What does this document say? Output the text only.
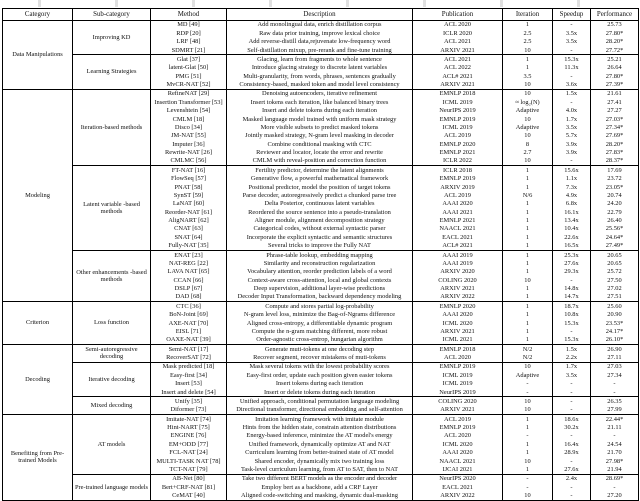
Category	Sub-category	Method	Description	Publication	Iteration	Speedup	Performance
Data Manipulations	Improving KD	MD [49]	Add monolingual data, enrich distillation corpus	ACL 2020	1	-	25.73
		RDP [20]	Raw data prior training, improve lexical choice	ICLR 2020	2.5	3.5x	27.80*
		LRF [48]	Add reverse-distill data,rejuvenate low-frequency word	ACL 2021	2.5	3.5x	28.20*
		SDMRT [21]	Self-distillation mixup, pre-rerank and fine-tune training	ARXIV 2021	10	-	27.72*
	Learning Strategies	Glat [37]	Glacing, learn from fragments to whole sentence	ACL 2021	1	15.3x	25.21
		latent-Glat [50]	Introduce glacing strategy to discrete latent variables	ACL 2022	1	11.3x	26.64
		PMG [51]	Multi-granularity, from words, phrases, sentences gradually	ACL# 2021	3.5	-	27.80*
		MvCR-NAT [52]	Consistency-based, masked token and model level consistency	ARXIV 2021	10	3.6x	27.39*
Modeling	Iteration-based methods	RefineNAT [29]	Denoising autoencoders, iterative refinement	EMNLP 2018	10	1.5x	21.61
		Insertion Transformer [53]	Insert tokens each iteration, like balanced binary trees	ICML 2019	≈ log₂(N)	-	27.41
		Levenshtein [54]	Insert and delete tokens during each iteration	NeurIPS 2019	Adaptive	4.0x	27.27
		CMLM [18]	Masked language model trained with uniform mask strategy	EMNLP 2019	10	1.7x	27.03*
		Disco [34]	More visible subsets to predict masked tokens	ICML 2019	Adaptive	3.5x	27.34*
		JM-NAT [55]	Jointly masked strategy, N-gram level masking in decoder	ACL 2019	10	5.7x	27.69*
		Imputer [36]	Combine conditional masking with CTC	EMNLP 2020	8	3.9x	28.20*
		Rewrite-NAT [26]	Reviewer and locator, locate the error and rewrite	EMNLP 2021	2.7	3.9x	27.83*
		CMLMC [56]	CMLM with reveal-position and correction function	ICLR 2022	10	-	28.37*
	Latent variable -based methods	FT-NAT [16]	Fertility predictor, determine the latent alignments	ICLR 2018	1	15.6x	17.69
		FlowSeq [57]	Generative flow, a powerful mathematical framework	EMNLP 2019	1	1.1x	23.72
		PNAT [58]	Positional predictor, model the position of target tokens	ARXIV 2019	1	7.3x	23.05*
		SynST [59]	Parse decoder, autoregressively predict a chunked parse tree	ACL 2019	N/6	4.9x	20.74
		LaNAT [60]	Delta Posterior, continuous latent variables	AAAI 2020	1	6.8x	24.20
		Reorder-NAT [61]	Reordered the source sentence into a pseudo-translation	AAAI 2021	1	16.1x	22.79
		AligNART [62]	Aligner module, alignment decomposition strategy	EMNLP 2021	1	13.4x	26.40
		CNAT [63]	Categorical codes, without external syntactic parser	NAACL 2021	1	10.4x	25.56*
		SNAT [64]	Incorporate the explicit syntactic and semantic structures	EACL 2021	1	22.6x	24.64*
		Fully-NAT [35]	Several tricks to improve the Fully NAT	ACL# 2021	1	16.5x	27.49*
	Other enhancements -based methods	ENAT [23]	Phrase-table lookup, embedding mapping	AAAI 2019	1	25.3x	20.65
		NAT-REG [22]	Similarity and reconstruction regularization	AAAI 2019	1	27.6x	20.65
		LAVA NAT [65]	Vocabulary attention, reorder prediction labels of a word	ARXIV 2020	1	29.3x	25.72
		CCAN [66]	Context-aware cross-attention, local and global contexts	COLING 2020	10	-	27.50
		DSLP [67]	Deep supervision, additional layer-wise predictions	ARXIV 2021	1	14.8x	27.02
		DAD [68]	Decoder Input Transformation, backward dependency modeling	ARXIV 2022	1	14.7x	27.51
Criterion	Loss function	CTC [36]	Compute and stores partial log-probability	EMNLP 2020	1	18.7x	25.60
		BoN-Joint [69]	N-gram level loss, minimize the Bag-of-Ngrams difference	AAAI 2020	1	10.8x	20.90
		AXE-NAT [70]	Aligned cross-entropy, a differentiable dynamic program	ICML 2020	1	15.3x	23.53*
		EISL [71]	Compute the n-gram matching different, more robust	ARXIV 2021	1	-	24.17*
		OAXE-NAT [39]	Order-agnostic cross-entrop, hungarian algorithm	ICML 2021	1	15.3x	26.10*
Decoding	Semi-autoregressive decoding	Semi-NAT [17]	Generate muti-tokens at one decoding step	EMNLP 2018	N/2	1.5x	26.90
		RecoverSAT [72]	Recover segment, recover mistakens of muti-tokens	ACL 2020	N/2	2.2x	27.11
	Iterative decoding	Mask predicted [18]	Mask several tokens with the lowest probability scores	EMNLP 2019	10	1.7x	27.03
		Easy-first [34]	Easy-first order, update each position given easier tokens	ICML 2019	Adaptive	3.5x	27.34
		Insert [53]	Insert tokens during each iteration	ICML 2019	-	-	-
		Insert and delete [54]	Insert or delete tokens during each iteration	NeurIPS 2019	-	-	-
	Mixed decoding	Unify [35]	Unified approach, conditional permutation language modeling	COLING 2020	10	-	26.35
		Diformer [73]	Directional transformer, directional embedding and self-attention	ARXIV 2021	10	-	27.99
Benefiting from Pre-trained Models	AT models	Imitate-NAT [74]	Imitation learning framework with imitate module	ACL 2019	1	18.6x	22.44*
		Hint-NART [75]	Hints from the hidden state, constrain attention distributions	EMNLP 2019	1	30.2x	21.11
		ENGINE [76]	Energy-based inference, minimize the AT model's energy	ACL 2020	-	-	-
		EM+ODD [77]	Unified framework, dynamically optimize AT and NAT	ICML 2020	1	16.4x	24.54
		FCL-NAT [24]	Curriculum learning from better-trained state of AT model	AAAI 2020	1	28.9x	21.70
		MULTI-TASK NAT [78]	Shared encoder, dynamically mix two training loss	NAACL 2021	10	-	27.98*
		TCT-NAT [79]	Task-level curriculum learning, from AT to SAT, then to NAT	IJCAI 2021	1	27.6x	21.94
	Pre-trained language models	AB-Net [80]	Take two different BERT models as the encoder and decoder	NeurIPS 2020	-	2.4x	28.69*
		Bert+CRF-NAT [81]	Employ bert as a backbone, add a CRF Layer	EACL 2021	-	-	-
		CeMAT [40]	Aligned code-switching and masking, dynamic dual-masking	ARXIV 2022	10	-	27.20
